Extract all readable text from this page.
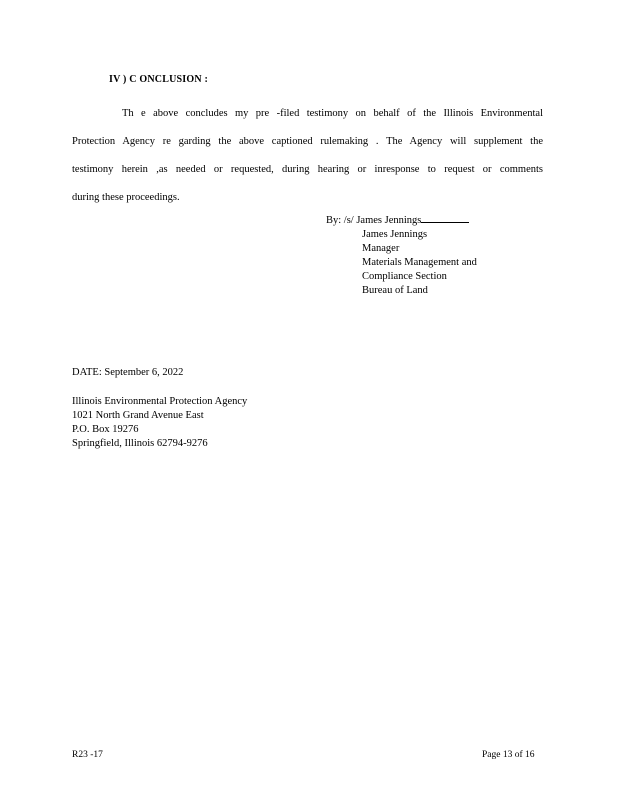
IV ) C ONCLUSION :
Th e above concludes my pre -filed testimony on behalf of the Illinois Environmental
Protection Agency re garding the above captioned rulemaking . The Agency will supplement the
testimony herein ,as needed or requested, during hearing or inresponse to request or comments
during these proceedings.
By: /s/ James Jennings
James Jennings
Manager
Materials Management and
Compliance Section
Bureau of Land
DATE: September 6, 2022
Illinois Environmental Protection Agency
1021 North Grand Avenue East
P.O. Box 19276
Springfield, Illinois 62794-9276
R23 -17	Page 13 of 16
